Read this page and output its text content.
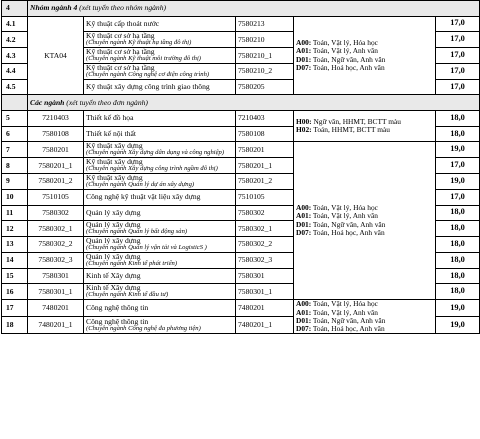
4	Nhóm ngành 4 (xét tuyển theo nhóm ngành)				
4.1	KTA04	Kỹ thuật cấp thoát nước	7580213	A00: Toán, Vật lý, Hóa học
A01: Toán, Vật lý, Anh văn
D01: Toán, Ngữ văn, Anh văn
D07: Toán, Hoá học, Anh văn	17,0
4.2		Kỹ thuật cơ sở hạ tầng
(Chuyên ngành Kỹ thuật hạ tầng đô thị)	7580210		17,0
4.3		Kỹ thuật cơ sở hạ tầng
(Chuyên ngành Kỹ thuật môi trường đô thị)	7580210_1		17,0
4.4		Kỹ thuật cơ sở hạ tầng
(Chuyên ngành Công nghệ cơ điện công trình)	7580210_2		17,0
4.5		Kỹ thuật xây dựng công trình giao thông	7580205		17,0
	Các ngành (xét tuyển theo đơn ngành)				
5	7210403	Thiết kế đồ họa	7210403	H00: Ngữ văn, HHMT, BCTT màu
H02: Toán, HHMT, BCTT màu	18,0
6	7580108	Thiết kế nội thất	7580108		18,0
7	7580201	Kỹ thuật xây dựng
(Chuyên ngành Xây dựng dân dụng và công nghiệp)	7580201	A00: Toán, Vật lý, Hóa học
A01: Toán, Vật lý, Anh văn
D01: Toán, Ngữ văn, Anh văn
D07: Toán, Hoá học, Anh văn	19,0
8	7580201_1	Kỹ thuật xây dựng
(Chuyên ngành Xây dựng công trình ngầm đô thị)	7580201_1		17,0
9	7580201_2	Kỹ thuật xây dựng
(Chuyên ngành Quản lý dự án xây dựng)	7580201_2		19,0
10	7510105	Công nghệ kỹ thuật vật liệu xây dựng	7510105		17,0
11	7580302	Quản lý xây dựng	7580302		18,0
12	7580302_1	Quản lý xây dựng
(Chuyên ngành Quản lý bất động sản)	7580302_1		18,0
13	7580302_2	Quản lý xây dựng
(Chuyên ngành Quản lý vận tải và LogisticS )	7580302_2		18,0
14	7580302_3	Quản lý xây dựng
(Chuyên ngành Kinh tế phát triển)	7580302_3		18,0
15	7580301	Kinh tế Xây dựng	7580301		18,0
16	7580301_1	Kinh tế Xây dựng
(Chuyên ngành Kinh tế đầu tư)	7580301_1		18,0
17	7480201	Công nghệ thông tin	7480201	A00: Toán, Vật lý, Hóa học
A01: Toán, Vật lý, Anh văn
D01: Toán, Ngữ văn, Anh văn
D07: Toán, Hoá học, Anh văn	19,0
18	7480201_1	Công nghệ thông tin
(Chuyên ngành Công nghệ đa phương tiện)	7480201_1		19,0
